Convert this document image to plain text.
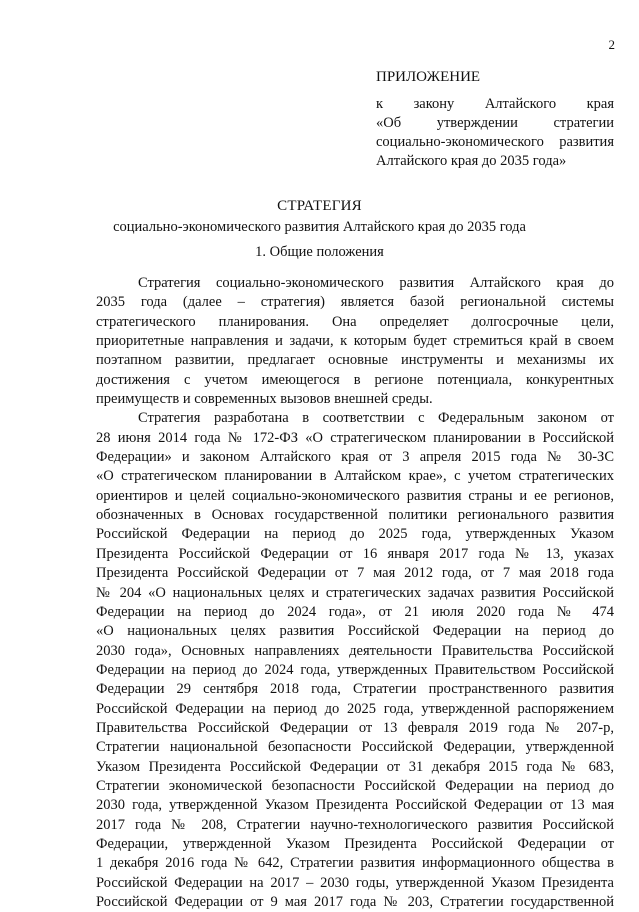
2
ПРИЛОЖЕНИЕ
к закону Алтайского края
«Об утверждении стратегии
социально-экономического развития
Алтайского края до 2035 года»
СТРАТЕГИЯ
социально-экономического развития Алтайского края до 2035 года
1. Общие положения
Стратегия социально-экономического развития Алтайского края до
2035 года (далее – стратегия) является базой региональной системы
стратегического планирования. Она определяет долгосрочные цели,
приоритетные направления и задачи, к которым будет стремиться край в своем
поэтапном развитии, предлагает основные инструменты и механизмы их
достижения с учетом имеющегося в регионе потенциала, конкурентных
преимуществ и современных вызовов внешней среды.
Стратегия разработана в соответствии с Федеральным законом от
28 июня 2014 года № 172-ФЗ «О стратегическом планировании в Российской
Федерации» и законом Алтайского края от 3 апреля 2015 года № 30-ЗС
«О стратегическом планировании в Алтайском крае», с учетом стратегических
ориентиров и целей социально-экономического развития страны и ее регионов,
обозначенных в Основах государственной политики регионального развития
Российской Федерации на период до 2025 года, утвержденных Указом
Президента Российской Федерации от 16 января 2017 года № 13, указах
Президента Российской Федерации от 7 мая 2012 года, от 7 мая 2018 года
№ 204 «О национальных целях и стратегических задачах развития Российской
Федерации на период до 2024 года», от 21 июля 2020 года № 474
«О национальных целях развития Российской Федерации на период до
2030 года», Основных направлениях деятельности Правительства Российской
Федерации на период до 2024 года, утвержденных Правительством Российской
Федерации 29 сентября 2018 года, Стратегии пространственного развития
Российской Федерации на период до 2025 года, утвержденной распоряжением
Правительства Российской Федерации от 13 февраля 2019 года № 207-р,
Стратегии национальной безопасности Российской Федерации, утвержденной
Указом Президента Российской Федерации от 31 декабря 2015 года № 683,
Стратегии экономической безопасности Российской Федерации на период до
2030 года, утвержденной Указом Президента Российской Федерации от 13 мая
2017 года № 208, Стратегии научно-технологического развития Российской
Федерации, утвержденной Указом Президента Российской Федерации от
1 декабря 2016 года № 642, Стратегии развития информационного общества в
Российской Федерации на 2017 – 2030 годы, утвержденной Указом Президента
Российской Федерации от 9 мая 2017 года № 203, Стратегии государственной
